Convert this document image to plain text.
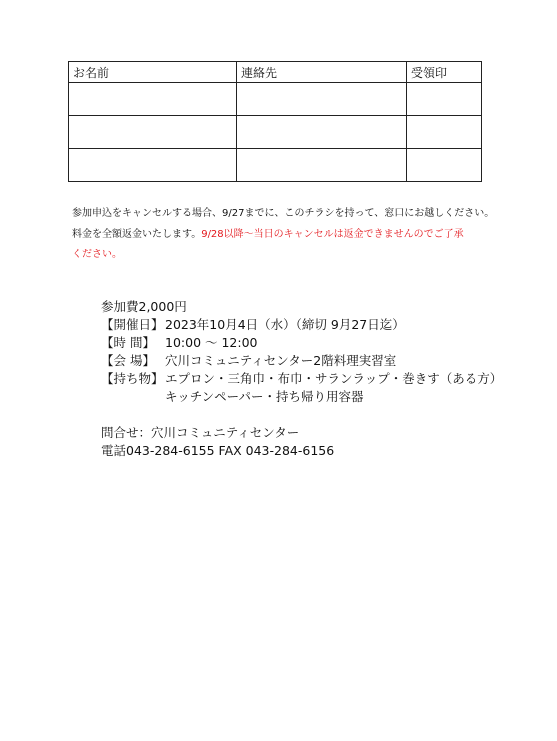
お名前	連絡先	受領印

参加申込をキャンセルする場合、9/27までに、このチラシを持って、窓口にお越しください。
料金を全額返金いたします。9/28以降～当日のキャンセルは返金できませんのでご了承
ください。
参加費2,000円
【開催日】 2023年10月4日（水）（締切 9月27日迄）
【時 間】 10:00 ～ 12:00
【会 場】 穴川コミュニティセンター2階料理実習室
【持ち物】 エプロン・三角巾・布巾・サランラップ・巻きす（ある方）
キッチンペーパー・持ち帰り用容器
問合せ：穴川コミュニティセンター
電話043-284-6155 FAX 043-284-6156
